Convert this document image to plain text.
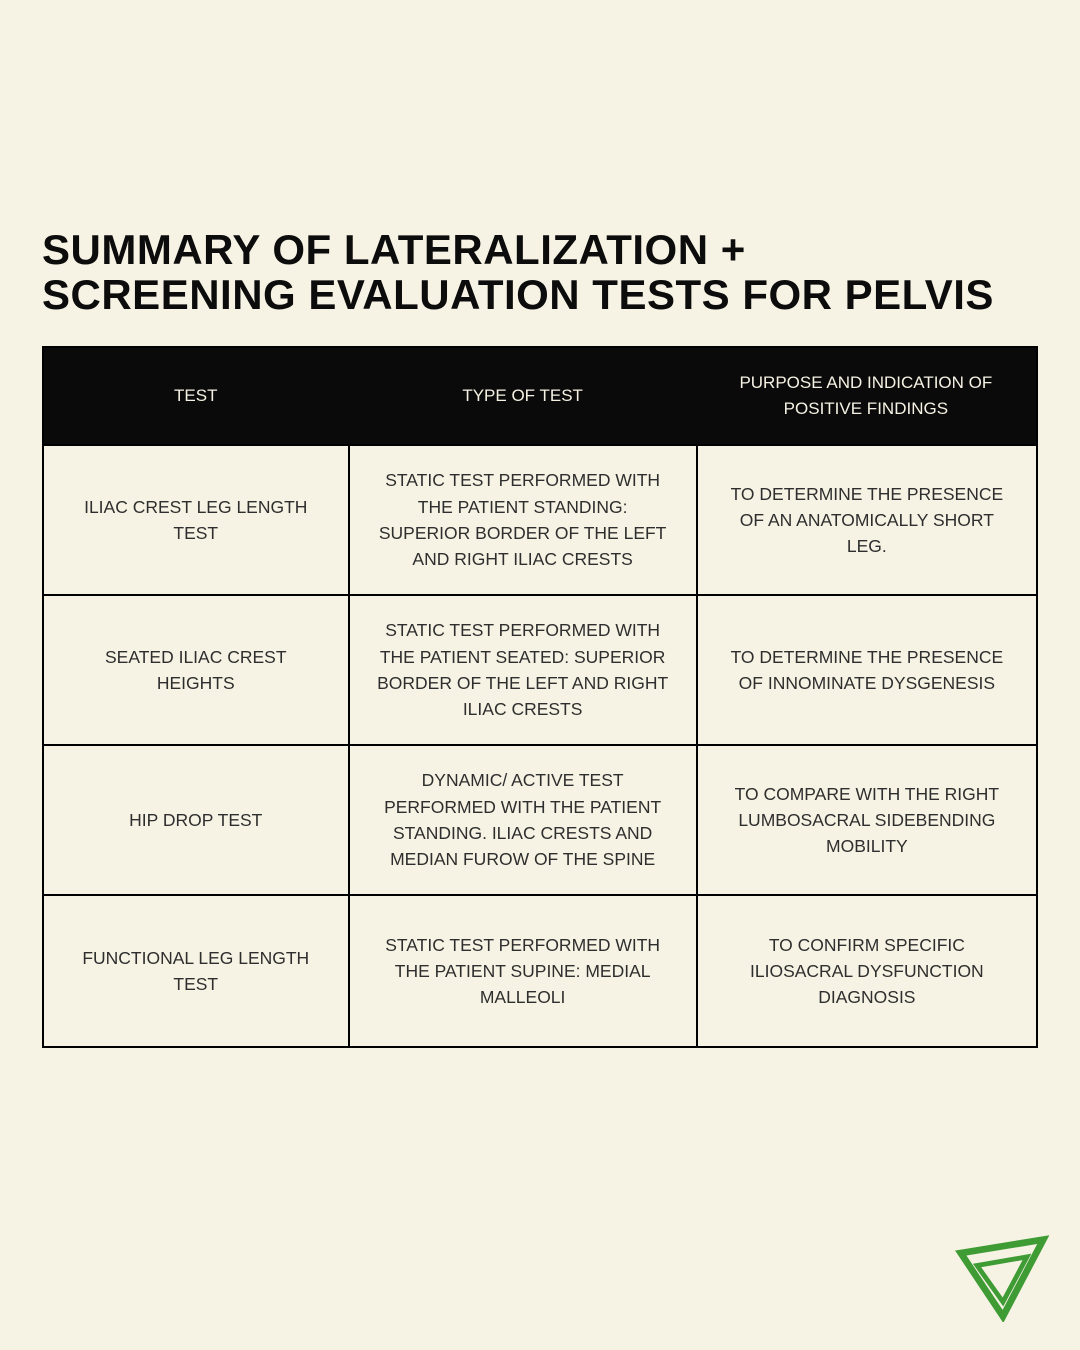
SUMMARY OF LATERALIZATION +
SCREENING EVALUATION TESTS FOR PELVIS
TEST	TYPE OF TEST
PURPOSE AND INDICATION OF POSITIVE FINDINGS
ILIAC CREST LEG LENGTH TEST
STATIC TEST PERFORMED WITH THE PATIENT STANDING: SUPERIOR BORDER OF THE LEFT AND RIGHT ILIAC CRESTS
TO DETERMINE THE PRESENCE OF AN ANATOMICALLY SHORT LEG.
SEATED ILIAC CREST HEIGHTS
STATIC TEST PERFORMED WITH THE PATIENT SEATED: SUPERIOR BORDER OF THE LEFT AND RIGHT ILIAC CRESTS
TO DETERMINE THE PRESENCE OF INNOMINATE DYSGENESIS
HIP DROP TEST
DYNAMIC/ ACTIVE TEST PERFORMED WITH THE PATIENT STANDING. ILIAC CRESTS AND MEDIAN FUROW OF THE SPINE
TO COMPARE WITH THE RIGHT LUMBOSACRAL SIDEBENDING MOBILITY
FUNCTIONAL LEG LENGTH TEST
STATIC TEST PERFORMED WITH THE PATIENT SUPINE: MEDIAL MALLEOLI
TO CONFIRM SPECIFIC ILIOSACRAL DYSFUNCTION DIAGNOSIS
